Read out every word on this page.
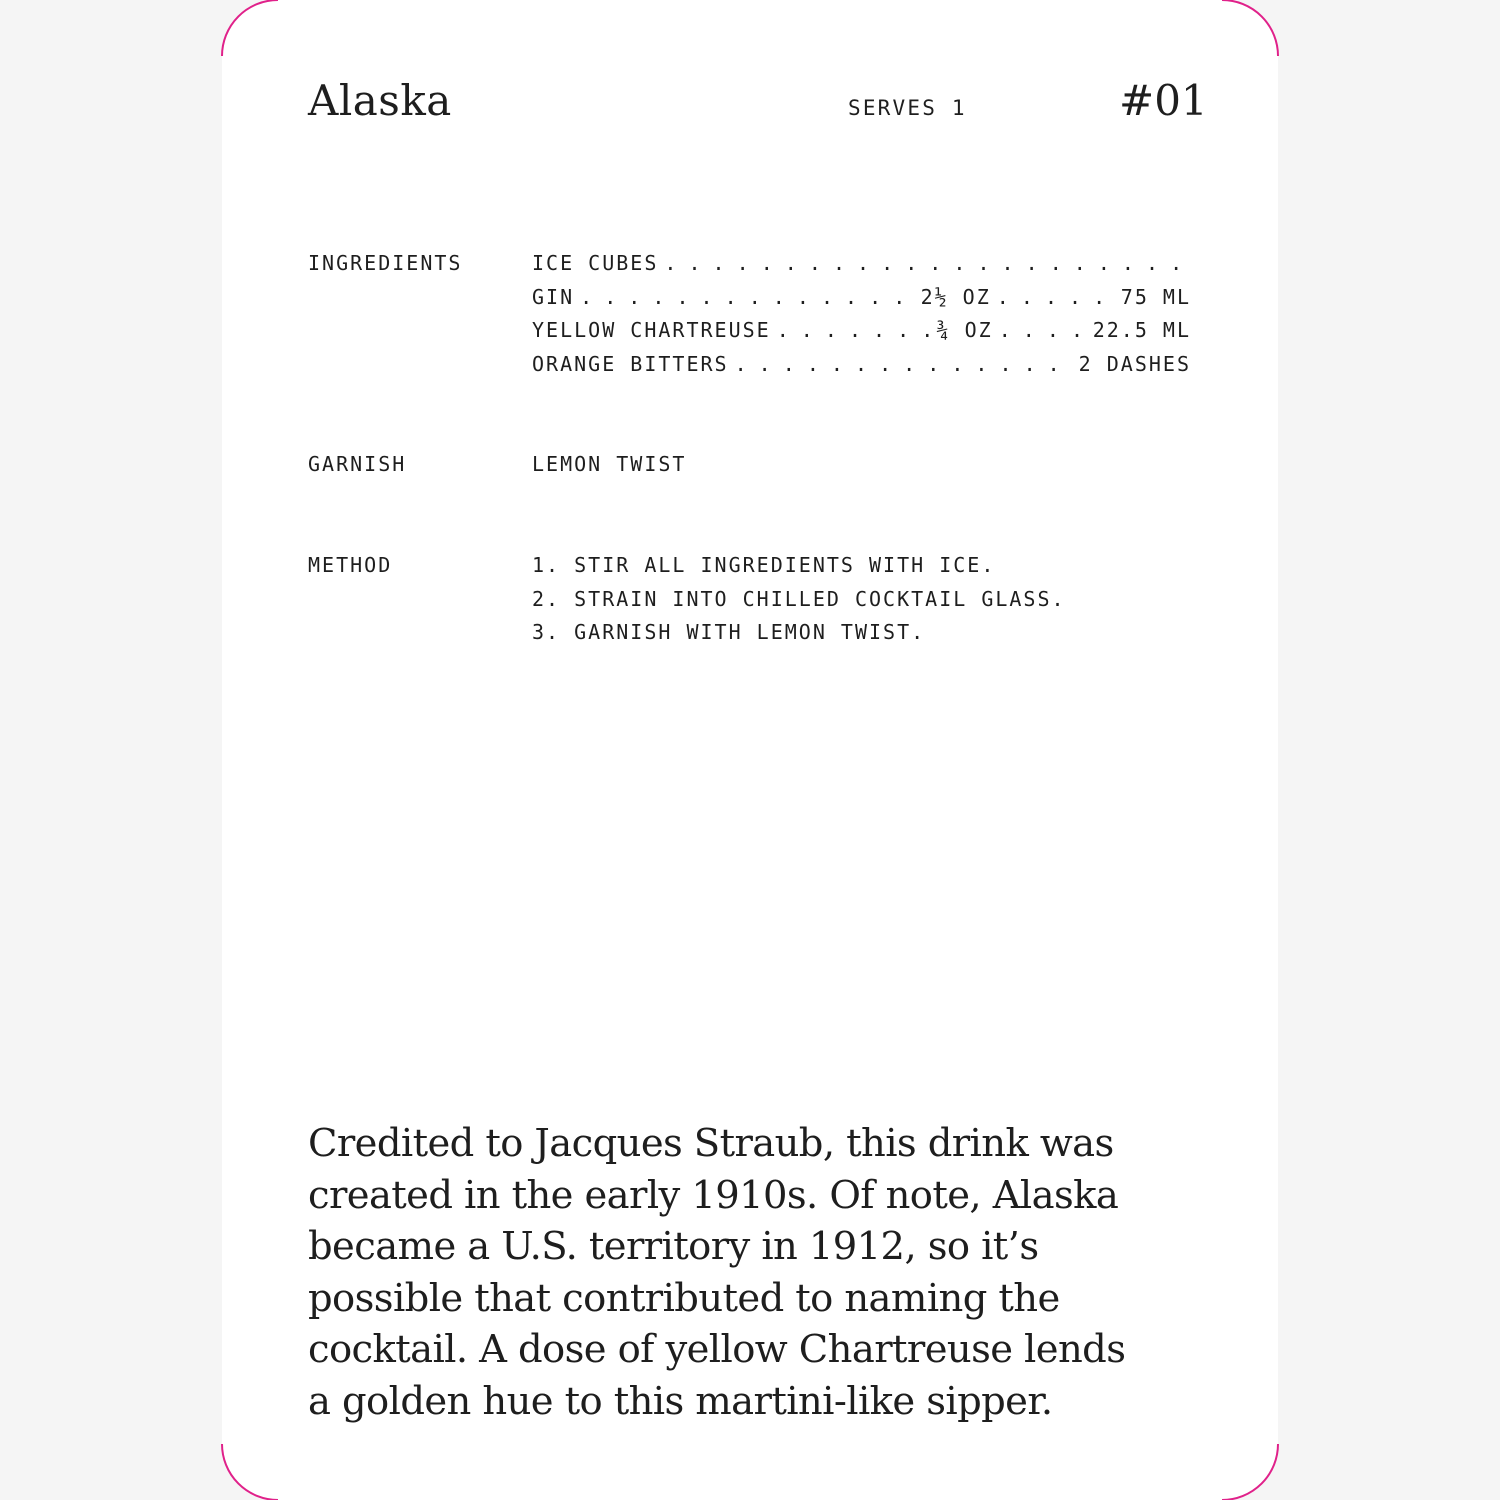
Alaska	SERVES 1	#01
INGREDIENTS	ICE CUBES
. . .
GIN . . .	2½ OZ . . .	75 ML
YELLOW CHARTREUSE . . .	¾ OZ . . .	22.5 ML
ORANGE BITTERS . . .	2 DASHES
GARNISH	LEMON TWIST
METHOD	1. STIR ALL INGREDIENTS WITH ICE.
2. STRAIN INTO CHILLED COCKTAIL GLASS.
3. GARNISH WITH LEMON TWIST.
Credited to Jacques Straub, this drink was
created in the early 1910s. Of note, Alaska
became a U.S. territory in 1912, so it’s
possible that contributed to naming the
cocktail. A dose of yellow Chartreuse lends
a golden hue to this martini-like sipper.
